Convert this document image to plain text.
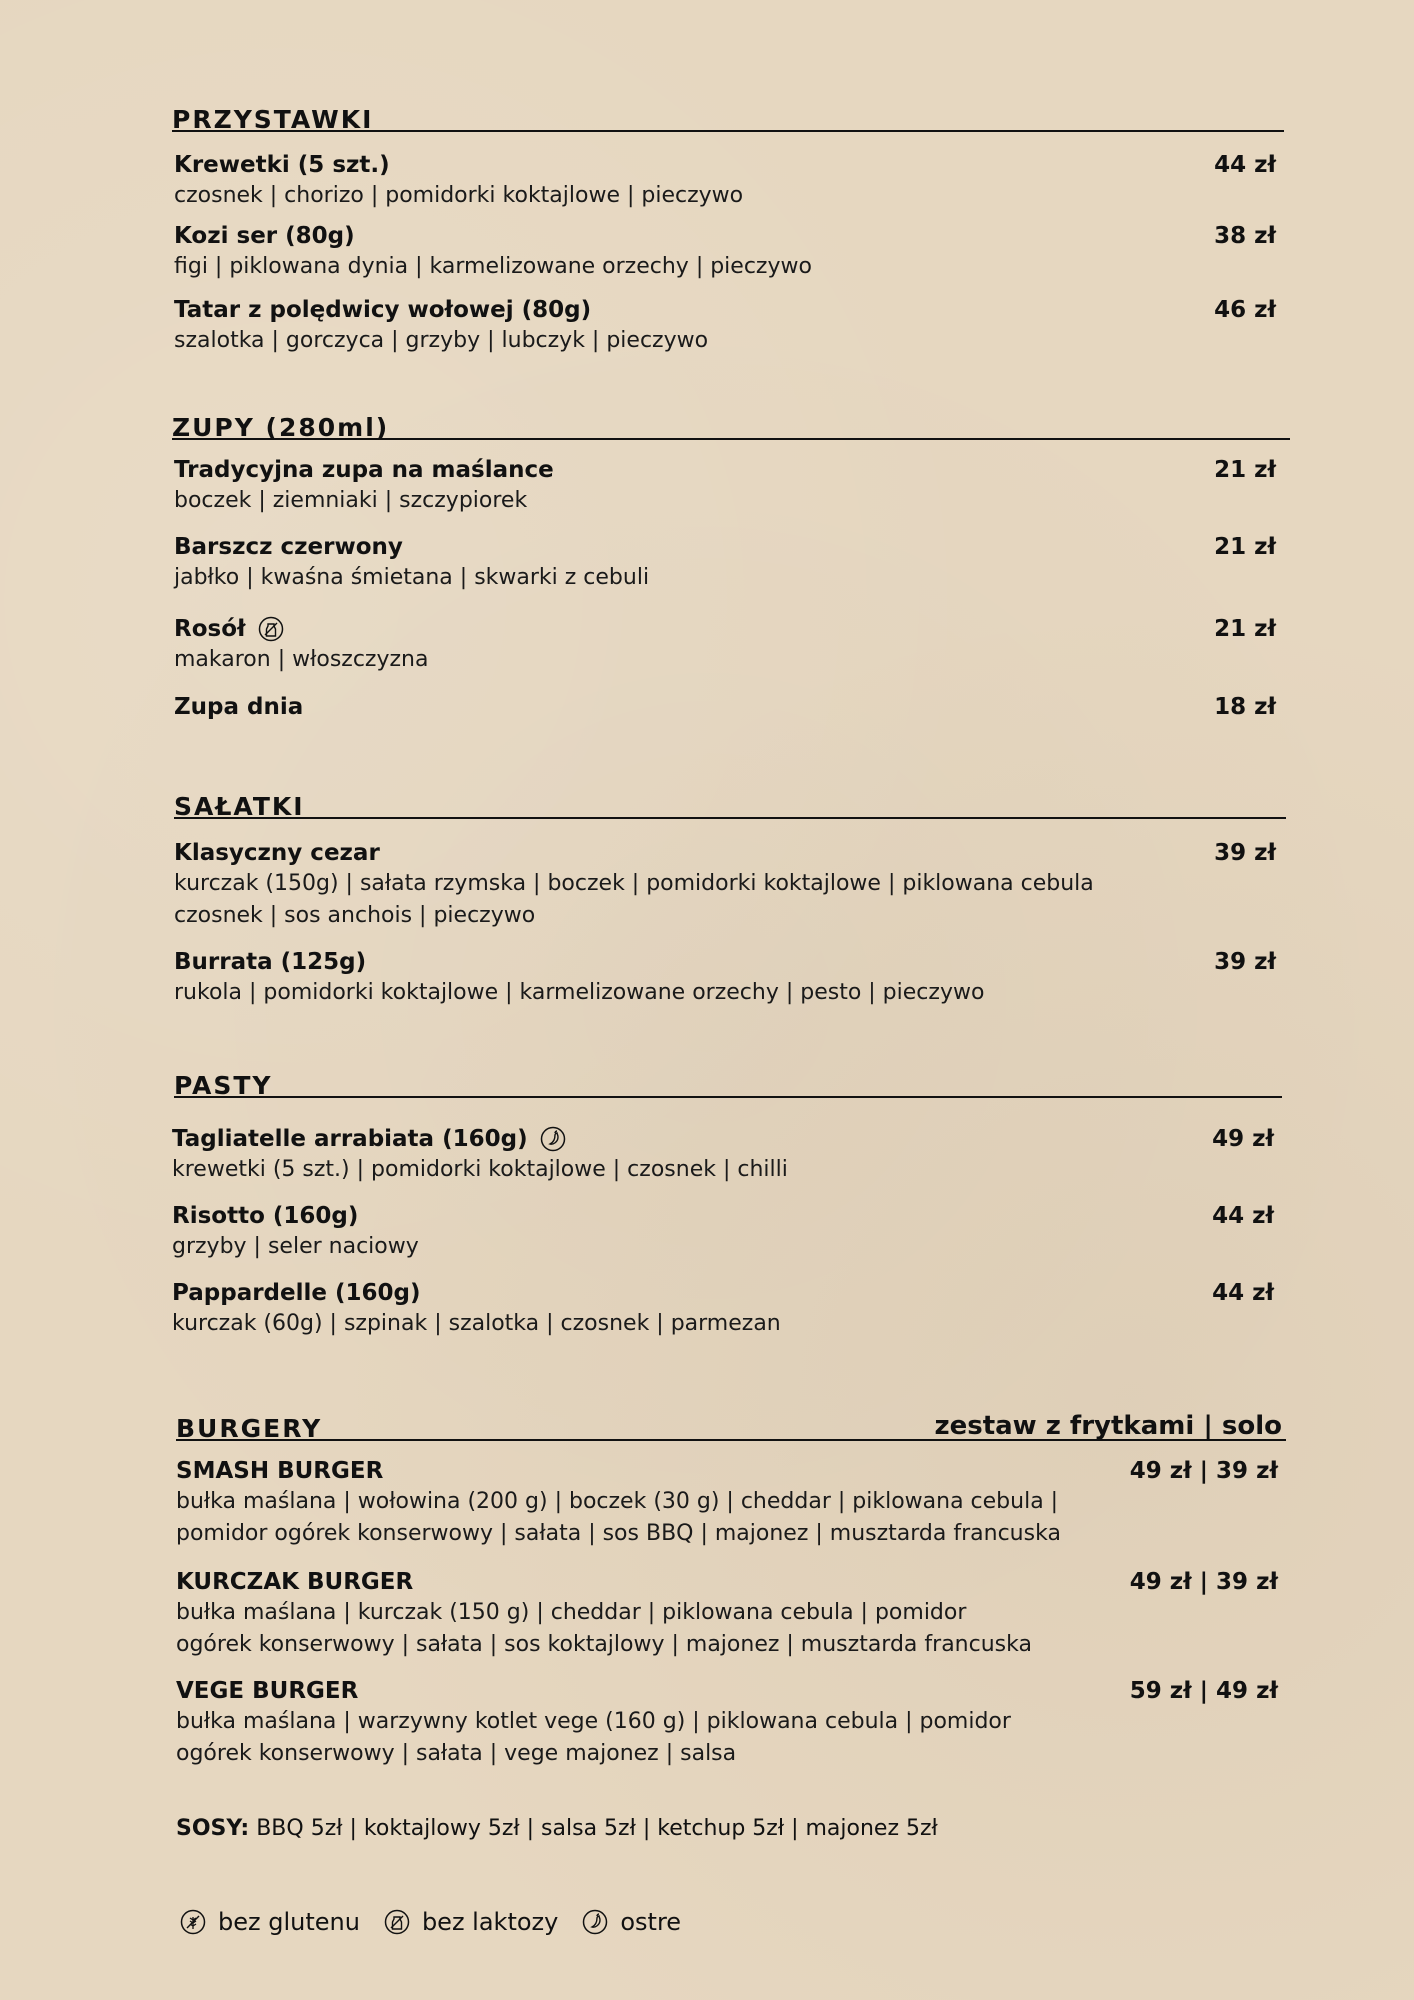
PRZYSTAWKI
Krewetki (5 szt.)
czosnek | chorizo | pomidorki koktajlowe | pieczywo
44 zł
Kozi ser (80g)
figi | piklowana dynia | karmelizowane orzechy | pieczywo
38 zł
Tatar z polędwicy wołowej (80g)
szalotka | gorczyca | grzyby | lubczyk | pieczywo
46 zł
ZUPY (280ml)
Tradycyjna zupa na maślance
boczek | ziemniaki | szczypiorek
21 zł
Barszcz czerwony
jabłko | kwaśna śmietana | skwarki z cebuli
21 zł
Rosół
makaron | włoszczyzna
21 zł
Zupa dnia	18 zł
SAŁATKI
Klasyczny cezar
kurczak (150g) | sałata rzymska | boczek | pomidorki koktajlowe | piklowana cebula
czosnek | sos anchois | pieczywo
39 zł
Burrata (125g)
rukola | pomidorki koktajlowe | karmelizowane orzechy | pesto | pieczywo
39 zł
PASTY
Tagliatelle arrabiata (160g)
krewetki (5 szt.) | pomidorki koktajlowe | czosnek | chilli
49 zł
Risotto (160g)
grzyby | seler naciowy
44 zł
Pappardelle (160g)
kurczak (60g) | szpinak | szalotka | czosnek | parmezan
44 zł
BURGERY	zestaw z frytkami | solo
SMASH BURGER
bułka maślana | wołowina (200 g) | boczek (30 g) | cheddar | piklowana cebula |
pomidor ogórek konserwowy | sałata | sos BBQ | majonez | musztarda francuska
49 zł | 39 zł
KURCZAK BURGER
bułka maślana | kurczak (150 g) | cheddar | piklowana cebula | pomidor
ogórek konserwowy | sałata | sos koktajlowy | majonez | musztarda francuska
49 zł | 39 zł
VEGE BURGER
bułka maślana | warzywny kotlet vege (160 g) | piklowana cebula | pomidor
ogórek konserwowy | sałata | vege majonez | salsa
59 zł | 49 zł
SOSY: BBQ 5zł | koktajlowy 5zł | salsa 5zł | ketchup 5zł | majonez 5zł
bez glutenu	bez laktozy	ostre
